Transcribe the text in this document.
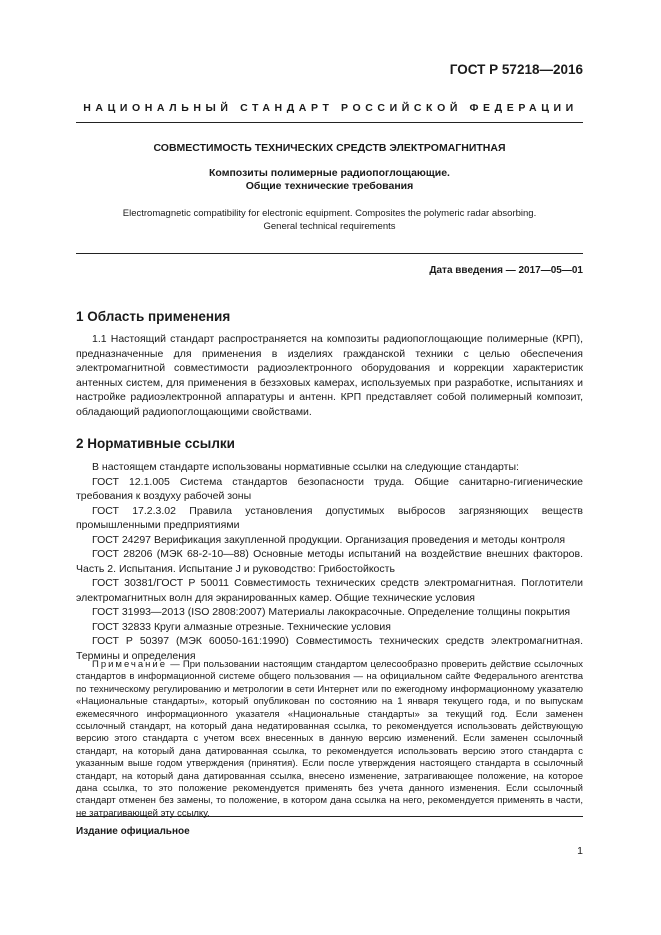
ГОСТ Р 57218—2016
НАЦИОНАЛЬНЫЙ СТАНДАРТ РОССИЙСКОЙ ФЕДЕРАЦИИ
СОВМЕСТИМОСТЬ ТЕХНИЧЕСКИХ СРЕДСТВ ЭЛЕКТРОМАГНИТНАЯ
Композиты полимерные радиопоглощающие.
Общие технические требования
Electromagnetic compatibility for electronic equipment. Composites the polymeric radar absorbing.
General technical requirements
Дата введения — 2017—05—01
1 Область применения

1.1 Настоящий стандарт распространяется на композиты радиопоглощающие полимерные (КРП), предназначенные для применения в изделиях гражданской техники с целью обеспечения электромагнитной совместимости радиоэлектронного оборудования и коррекции характеристик антенных систем, для применения в безэховых камерах, используемых при разработке, испытаниях и настройке радиоэлектронной аппаратуры и антенн. КРП представляет собой полимерный композит, обладающий радиопоглощающими свойствами.

2 Нормативные ссылки

В настоящем стандарте использованы нормативные ссылки на следующие стандарты:

ГОСТ 12.1.005 Система стандартов безопасности труда. Общие санитарно-гигиенические требования к воздуху рабочей зоны

ГОСТ 17.2.3.02 Правила установления допустимых выбросов загрязняющих веществ промышленными предприятиями

ГОСТ 24297 Верификация закупленной продукции. Организация проведения и методы контроля

ГОСТ 28206 (МЭК 68-2-10—88) Основные методы испытаний на воздействие внешних факторов. Часть 2. Испытания. Испытание J и руководство: Грибостойкость

ГОСТ 30381/ГОСТ Р 50011 Совместимость технических средств электромагнитная. Поглотители электромагнитных волн для экранированных камер. Общие технические условия

ГОСТ 31993—2013 (ISO 2808:2007) Материалы лакокрасочные. Определение толщины покрытия

ГОСТ 32833 Круги алмазные отрезные. Технические условия

ГОСТ Р 50397 (МЭК 60050-161:1990) Совместимость технических средств электромагнитная. Термины и определения

Примечание — При пользовании настоящим стандартом целесообразно проверить действие ссылочных стандартов в информационной системе общего пользования — на официальном сайте Федерального агентства по техническому регулированию и метрологии в сети Интернет или по ежегодному информационному указателю «Национальные стандарты», который опубликован по состоянию на 1 января текущего года, и по выпускам ежемесячного информационного указателя «Национальные стандарты» за текущий год. Если заменен ссылочный стандарт, на который дана недатированная ссылка, то рекомендуется использовать действующую версию этого стандарта с учетом всех внесенных в данную версию изменений. Если заменен ссылочный стандарт, на который дана датированная ссылка, то рекомендуется использовать версию этого стандарта с указанным выше годом утверждения (принятия). Если после утверждения настоящего стандарта в ссылочный стандарт, на который дана датированная ссылка, внесено изменение, затрагивающее положение, на которое дана ссылка, то это положение рекомендуется применять без учета данного изменения. Если ссылочный стандарт отменен без замены, то положение, в котором дана ссылка на него, рекомендуется применять в части, не затрагивающей эту ссылку.
Издание официальное
1
